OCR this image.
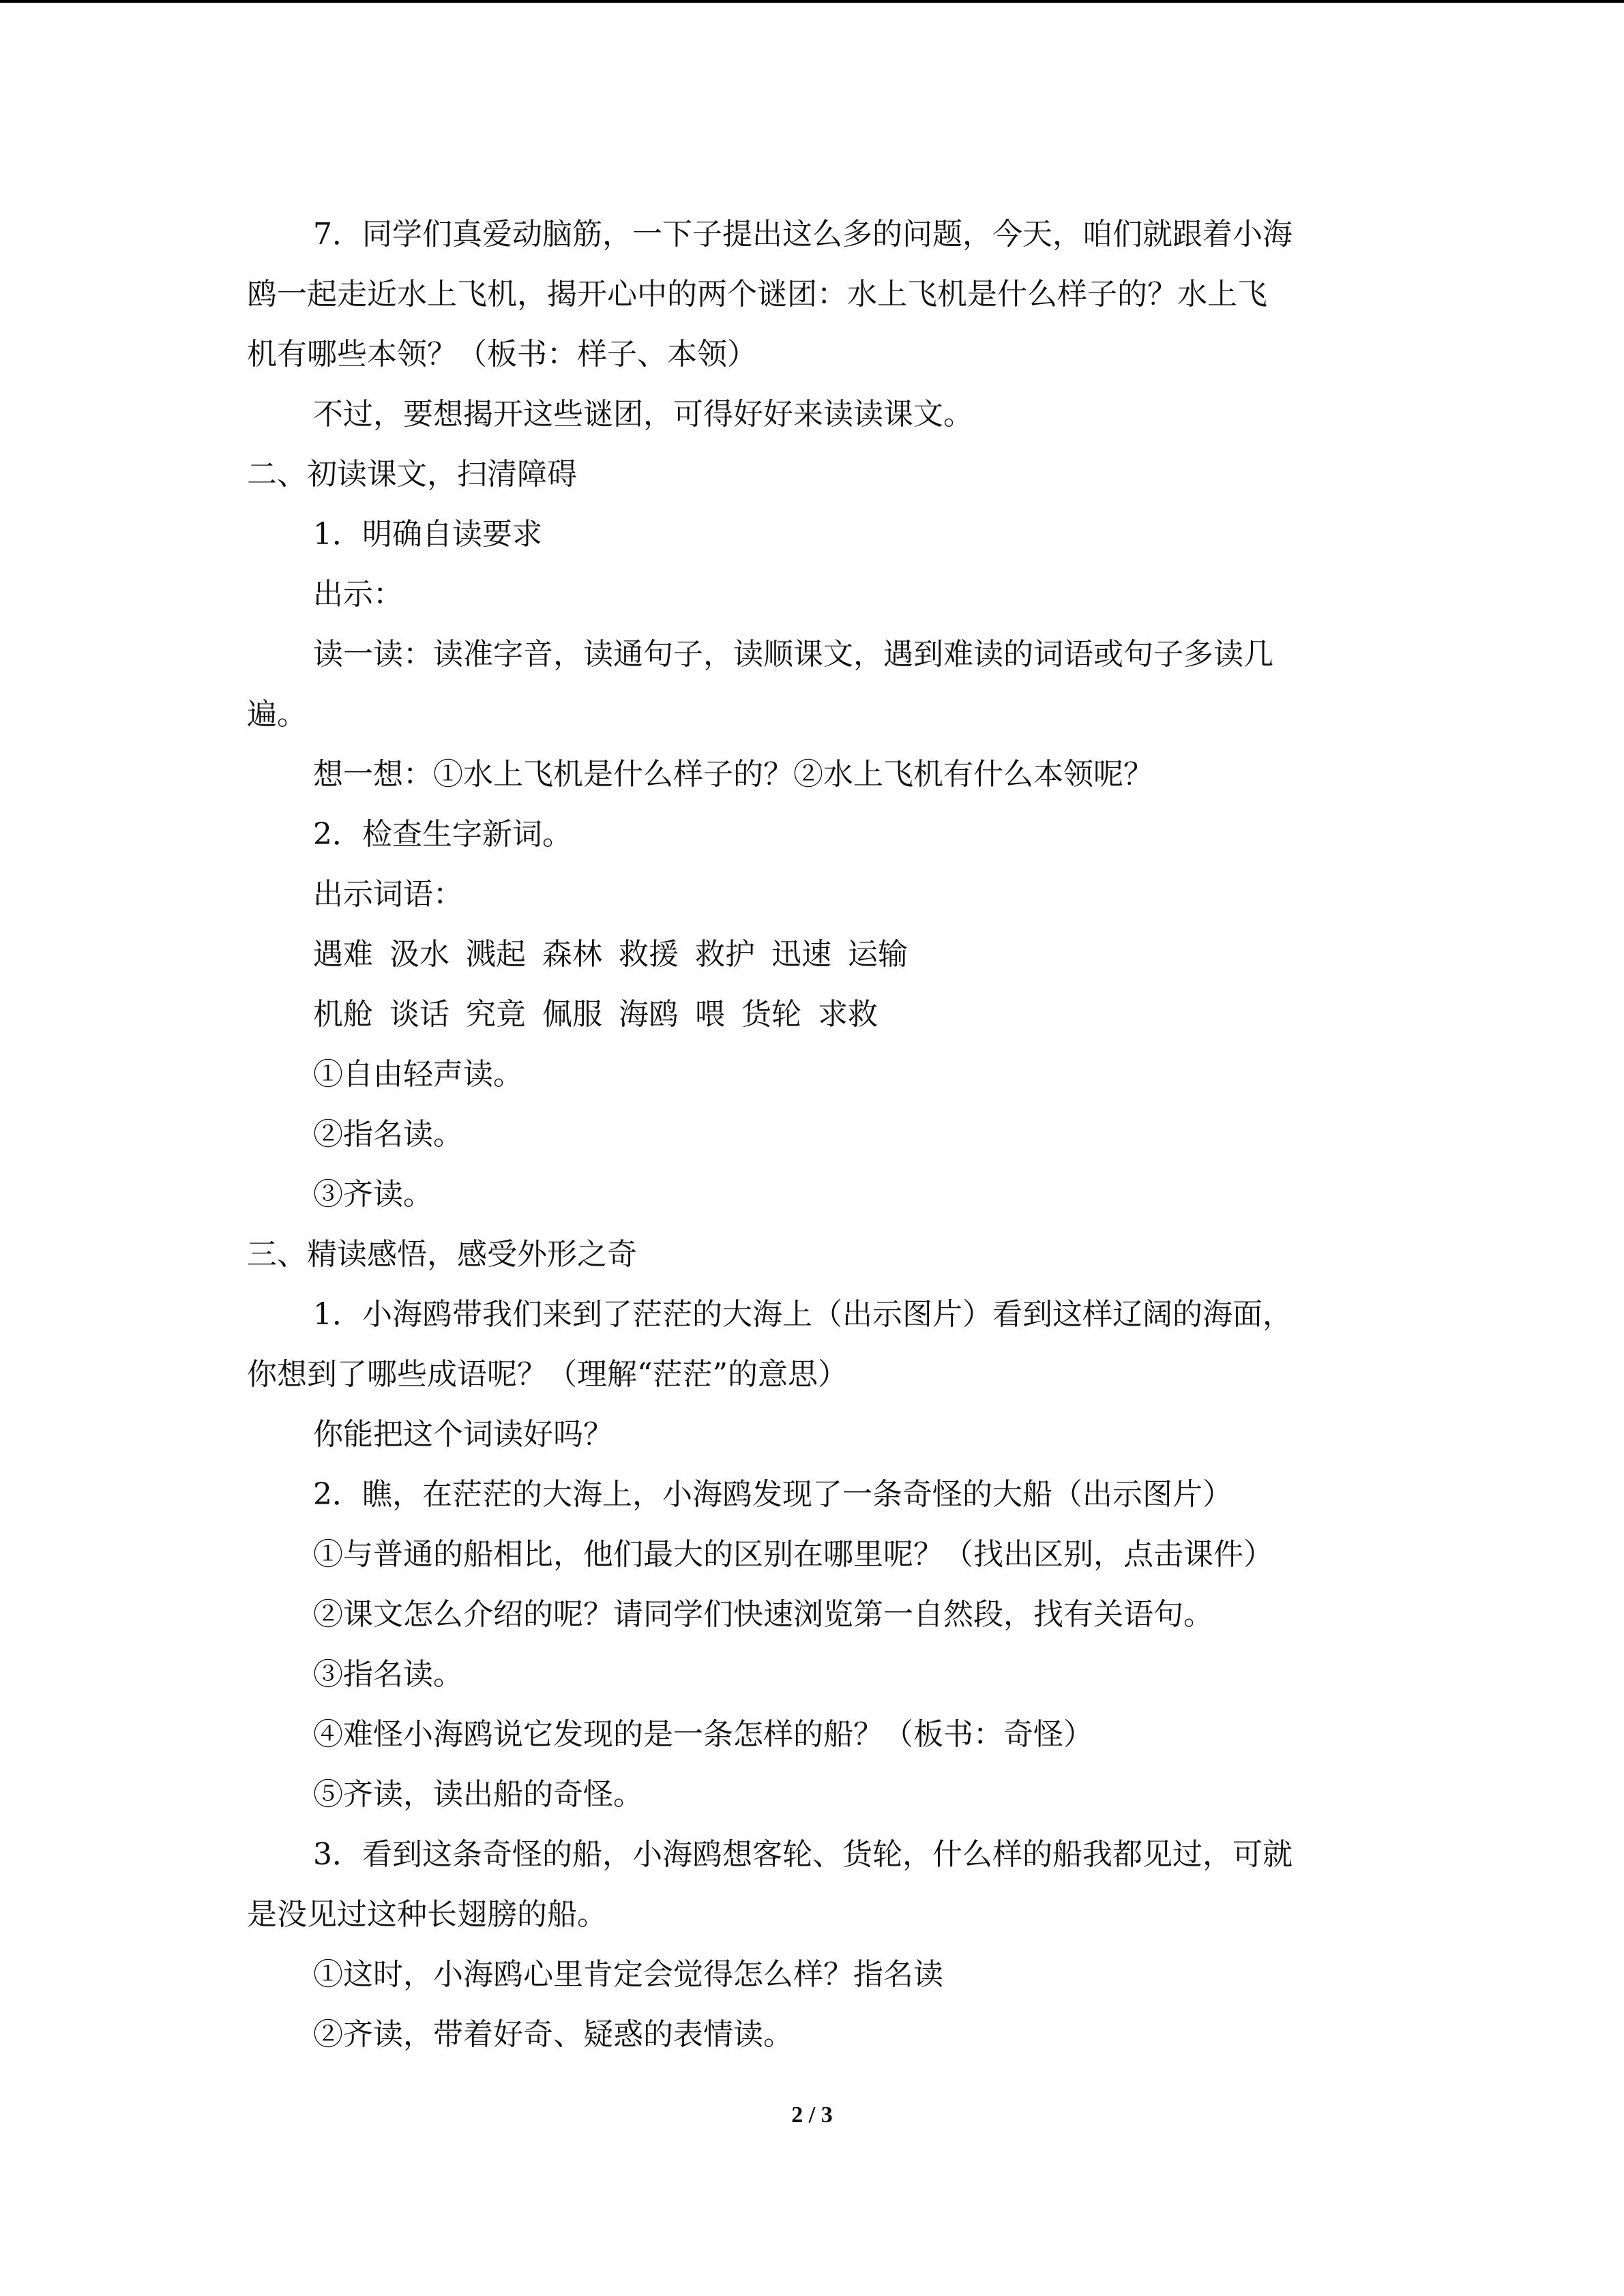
7．同学们真爱动脑筋，一下子提出这么多的问题，今天，咱们就跟着小海
鸥一起走近水上飞机，揭开心中的两个谜团：水上飞机是什么样子的？水上飞
机有哪些本领？（板书：样子、本领）
不过，要想揭开这些谜团，可得好好来读读课文。
二、初读课文，扫清障碍
1．明确自读要求
出示：
读一读：读准字音，读通句子，读顺课文，遇到难读的词语或句子多读几
遍。
想一想：①水上飞机是什么样子的？②水上飞机有什么本领呢？
2．检查生字新词。
出示词语：
遇难 汲水 溅起 森林 救援 救护 迅速 运输
机舱 谈话 究竟 佩服 海鸥 喂 货轮 求救
①自由轻声读。
②指名读。
③齐读。
三、精读感悟，感受外形之奇
1．小海鸥带我们来到了茫茫的大海上（出示图片）看到这样辽阔的海面，
你想到了哪些成语呢？（理解“茫茫”的意思）
你能把这个词读好吗？
2．瞧，在茫茫的大海上，小海鸥发现了一条奇怪的大船（出示图片）
①与普通的船相比，他们最大的区别在哪里呢？（找出区别，点击课件）
②课文怎么介绍的呢？请同学们快速浏览第一自然段，找有关语句。
③指名读。
④难怪小海鸥说它发现的是一条怎样的船？（板书：奇怪）
⑤齐读，读出船的奇怪。
3．看到这条奇怪的船，小海鸥想客轮、货轮，什么样的船我都见过，可就
是没见过这种长翅膀的船。
①这时，小海鸥心里肯定会觉得怎么样？指名读
②齐读，带着好奇、疑惑的表情读。
2 / 3
